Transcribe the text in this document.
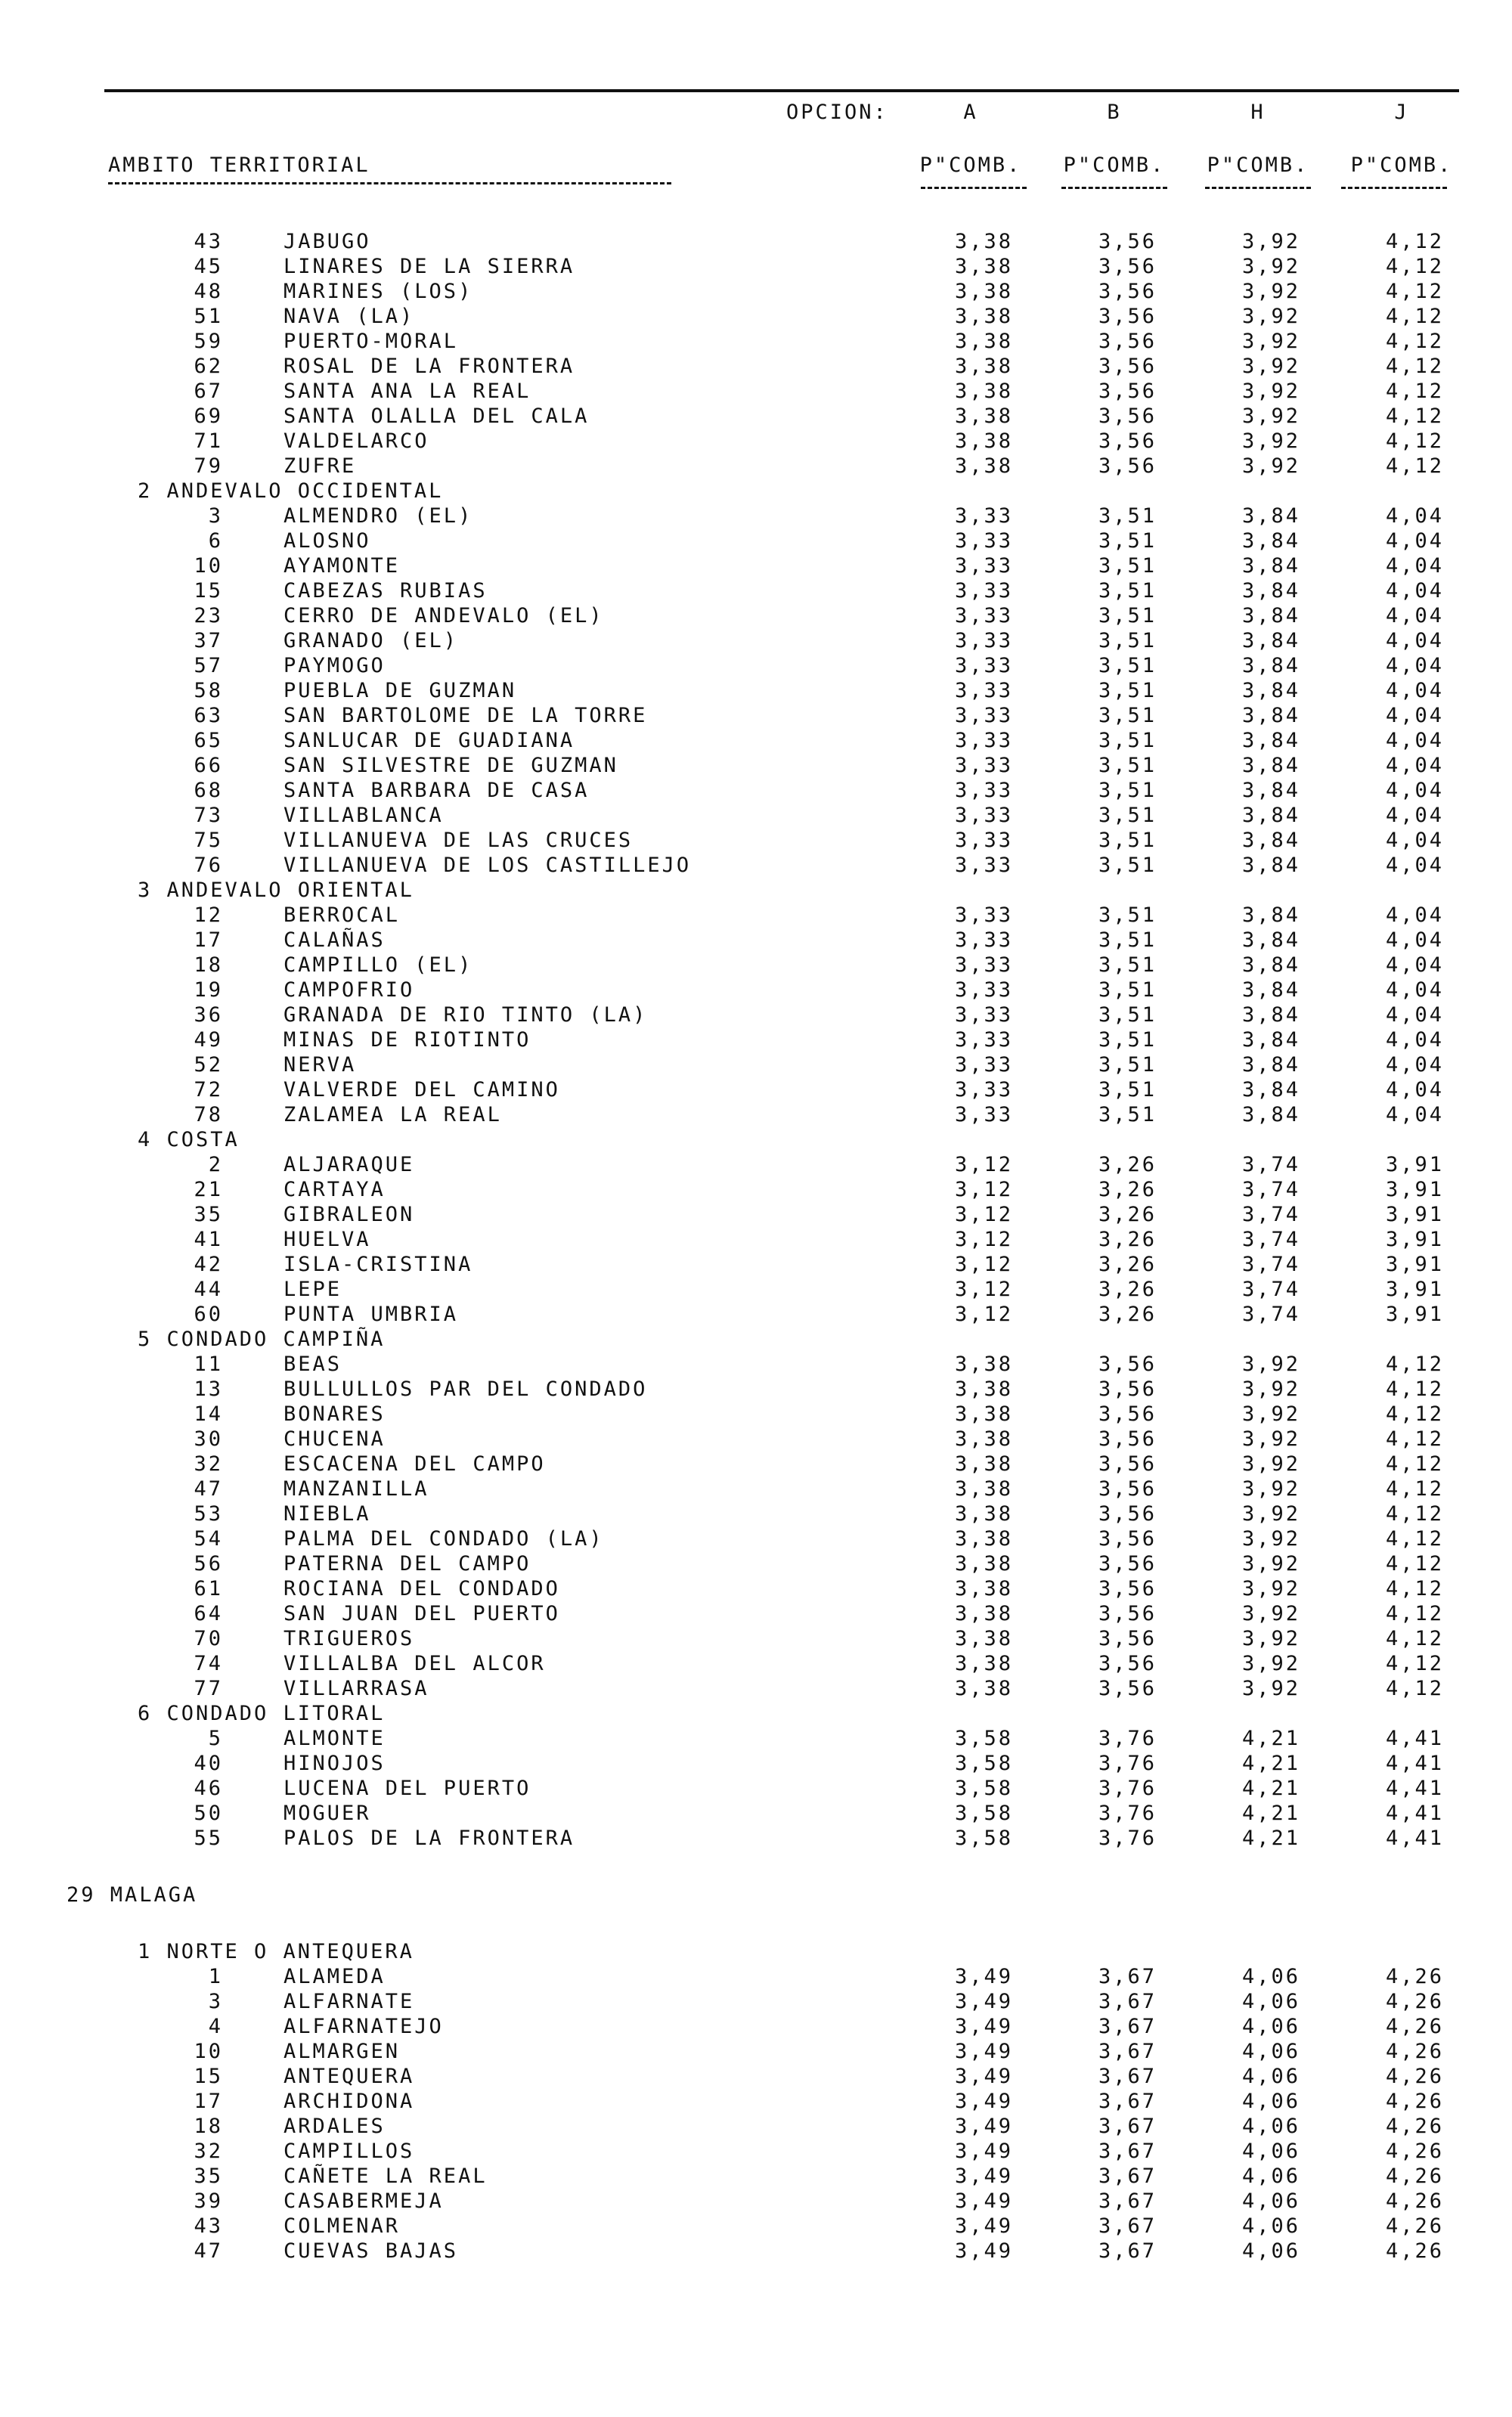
OPCION:	A	B	H	J
AMBITO TERRITORIAL	P"COMB.	P"COMB.	P"COMB.	P"COMB.
43	JABUGO	3,38	3,56	3,92	4,12
45	LINARES DE LA SIERRA	3,38	3,56	3,92	4,12
48	MARINES (LOS)	3,38	3,56	3,92	4,12
51	NAVA (LA)	3,38	3,56	3,92	4,12
59	PUERTO-MORAL	3,38	3,56	3,92	4,12
62	ROSAL DE LA FRONTERA	3,38	3,56	3,92	4,12
67	SANTA ANA LA REAL	3,38	3,56	3,92	4,12
69	SANTA OLALLA DEL CALA	3,38	3,56	3,92	4,12
71	VALDELARCO	3,38	3,56	3,92	4,12
79	ZUFRE	3,38	3,56	3,92	4,12
2 ANDEVALO OCCIDENTAL
3	ALMENDRO (EL)	3,33	3,51	3,84	4,04
6	ALOSNO	3,33	3,51	3,84	4,04
10	AYAMONTE	3,33	3,51	3,84	4,04
15	CABEZAS RUBIAS	3,33	3,51	3,84	4,04
23	CERRO DE ANDEVALO (EL)	3,33	3,51	3,84	4,04
37	GRANADO (EL)	3,33	3,51	3,84	4,04
57	PAYMOGO	3,33	3,51	3,84	4,04
58	PUEBLA DE GUZMAN	3,33	3,51	3,84	4,04
63	SAN BARTOLOME DE LA TORRE	3,33	3,51	3,84	4,04
65	SANLUCAR DE GUADIANA	3,33	3,51	3,84	4,04
66	SAN SILVESTRE DE GUZMAN	3,33	3,51	3,84	4,04
68	SANTA BARBARA DE CASA	3,33	3,51	3,84	4,04
73	VILLABLANCA	3,33	3,51	3,84	4,04
75	VILLANUEVA DE LAS CRUCES	3,33	3,51	3,84	4,04
76	VILLANUEVA DE LOS CASTILLEJO	3,33	3,51	3,84	4,04
3 ANDEVALO ORIENTAL
12	BERROCAL	3,33	3,51	3,84	4,04
17	CALAÑAS	3,33	3,51	3,84	4,04
18	CAMPILLO (EL)	3,33	3,51	3,84	4,04
19	CAMPOFRIO	3,33	3,51	3,84	4,04
36	GRANADA DE RIO TINTO (LA)	3,33	3,51	3,84	4,04
49	MINAS DE RIOTINTO	3,33	3,51	3,84	4,04
52	NERVA	3,33	3,51	3,84	4,04
72	VALVERDE DEL CAMINO	3,33	3,51	3,84	4,04
78	ZALAMEA LA REAL	3,33	3,51	3,84	4,04
4 COSTA
2	ALJARAQUE	3,12	3,26	3,74	3,91
21	CARTAYA	3,12	3,26	3,74	3,91
35	GIBRALEON	3,12	3,26	3,74	3,91
41	HUELVA	3,12	3,26	3,74	3,91
42	ISLA-CRISTINA	3,12	3,26	3,74	3,91
44	LEPE	3,12	3,26	3,74	3,91
60	PUNTA UMBRIA	3,12	3,26	3,74	3,91
5 CONDADO CAMPIÑA
11	BEAS	3,38	3,56	3,92	4,12
13	BULLULLOS PAR DEL CONDADO	3,38	3,56	3,92	4,12
14	BONARES	3,38	3,56	3,92	4,12
30	CHUCENA	3,38	3,56	3,92	4,12
32	ESCACENA DEL CAMPO	3,38	3,56	3,92	4,12
47	MANZANILLA	3,38	3,56	3,92	4,12
53	NIEBLA	3,38	3,56	3,92	4,12
54	PALMA DEL CONDADO (LA)	3,38	3,56	3,92	4,12
56	PATERNA DEL CAMPO	3,38	3,56	3,92	4,12
61	ROCIANA DEL CONDADO	3,38	3,56	3,92	4,12
64	SAN JUAN DEL PUERTO	3,38	3,56	3,92	4,12
70	TRIGUEROS	3,38	3,56	3,92	4,12
74	VILLALBA DEL ALCOR	3,38	3,56	3,92	4,12
77	VILLARRASA	3,38	3,56	3,92	4,12
6 CONDADO LITORAL
5	ALMONTE	3,58	3,76	4,21	4,41
40	HINOJOS	3,58	3,76	4,21	4,41
46	LUCENA DEL PUERTO	3,58	3,76	4,21	4,41
50	MOGUER	3,58	3,76	4,21	4,41
55	PALOS DE LA FRONTERA	3,58	3,76	4,21	4,41
29 MALAGA
1 NORTE O ANTEQUERA
1	ALAMEDA	3,49	3,67	4,06	4,26
3	ALFARNATE	3,49	3,67	4,06	4,26
4	ALFARNATEJO	3,49	3,67	4,06	4,26
10	ALMARGEN	3,49	3,67	4,06	4,26
15	ANTEQUERA	3,49	3,67	4,06	4,26
17	ARCHIDONA	3,49	3,67	4,06	4,26
18	ARDALES	3,49	3,67	4,06	4,26
32	CAMPILLOS	3,49	3,67	4,06	4,26
35	CAÑETE LA REAL	3,49	3,67	4,06	4,26
39	CASABERMEJA	3,49	3,67	4,06	4,26
43	COLMENAR	3,49	3,67	4,06	4,26
47	CUEVAS BAJAS	3,49	3,67	4,06	4,26
